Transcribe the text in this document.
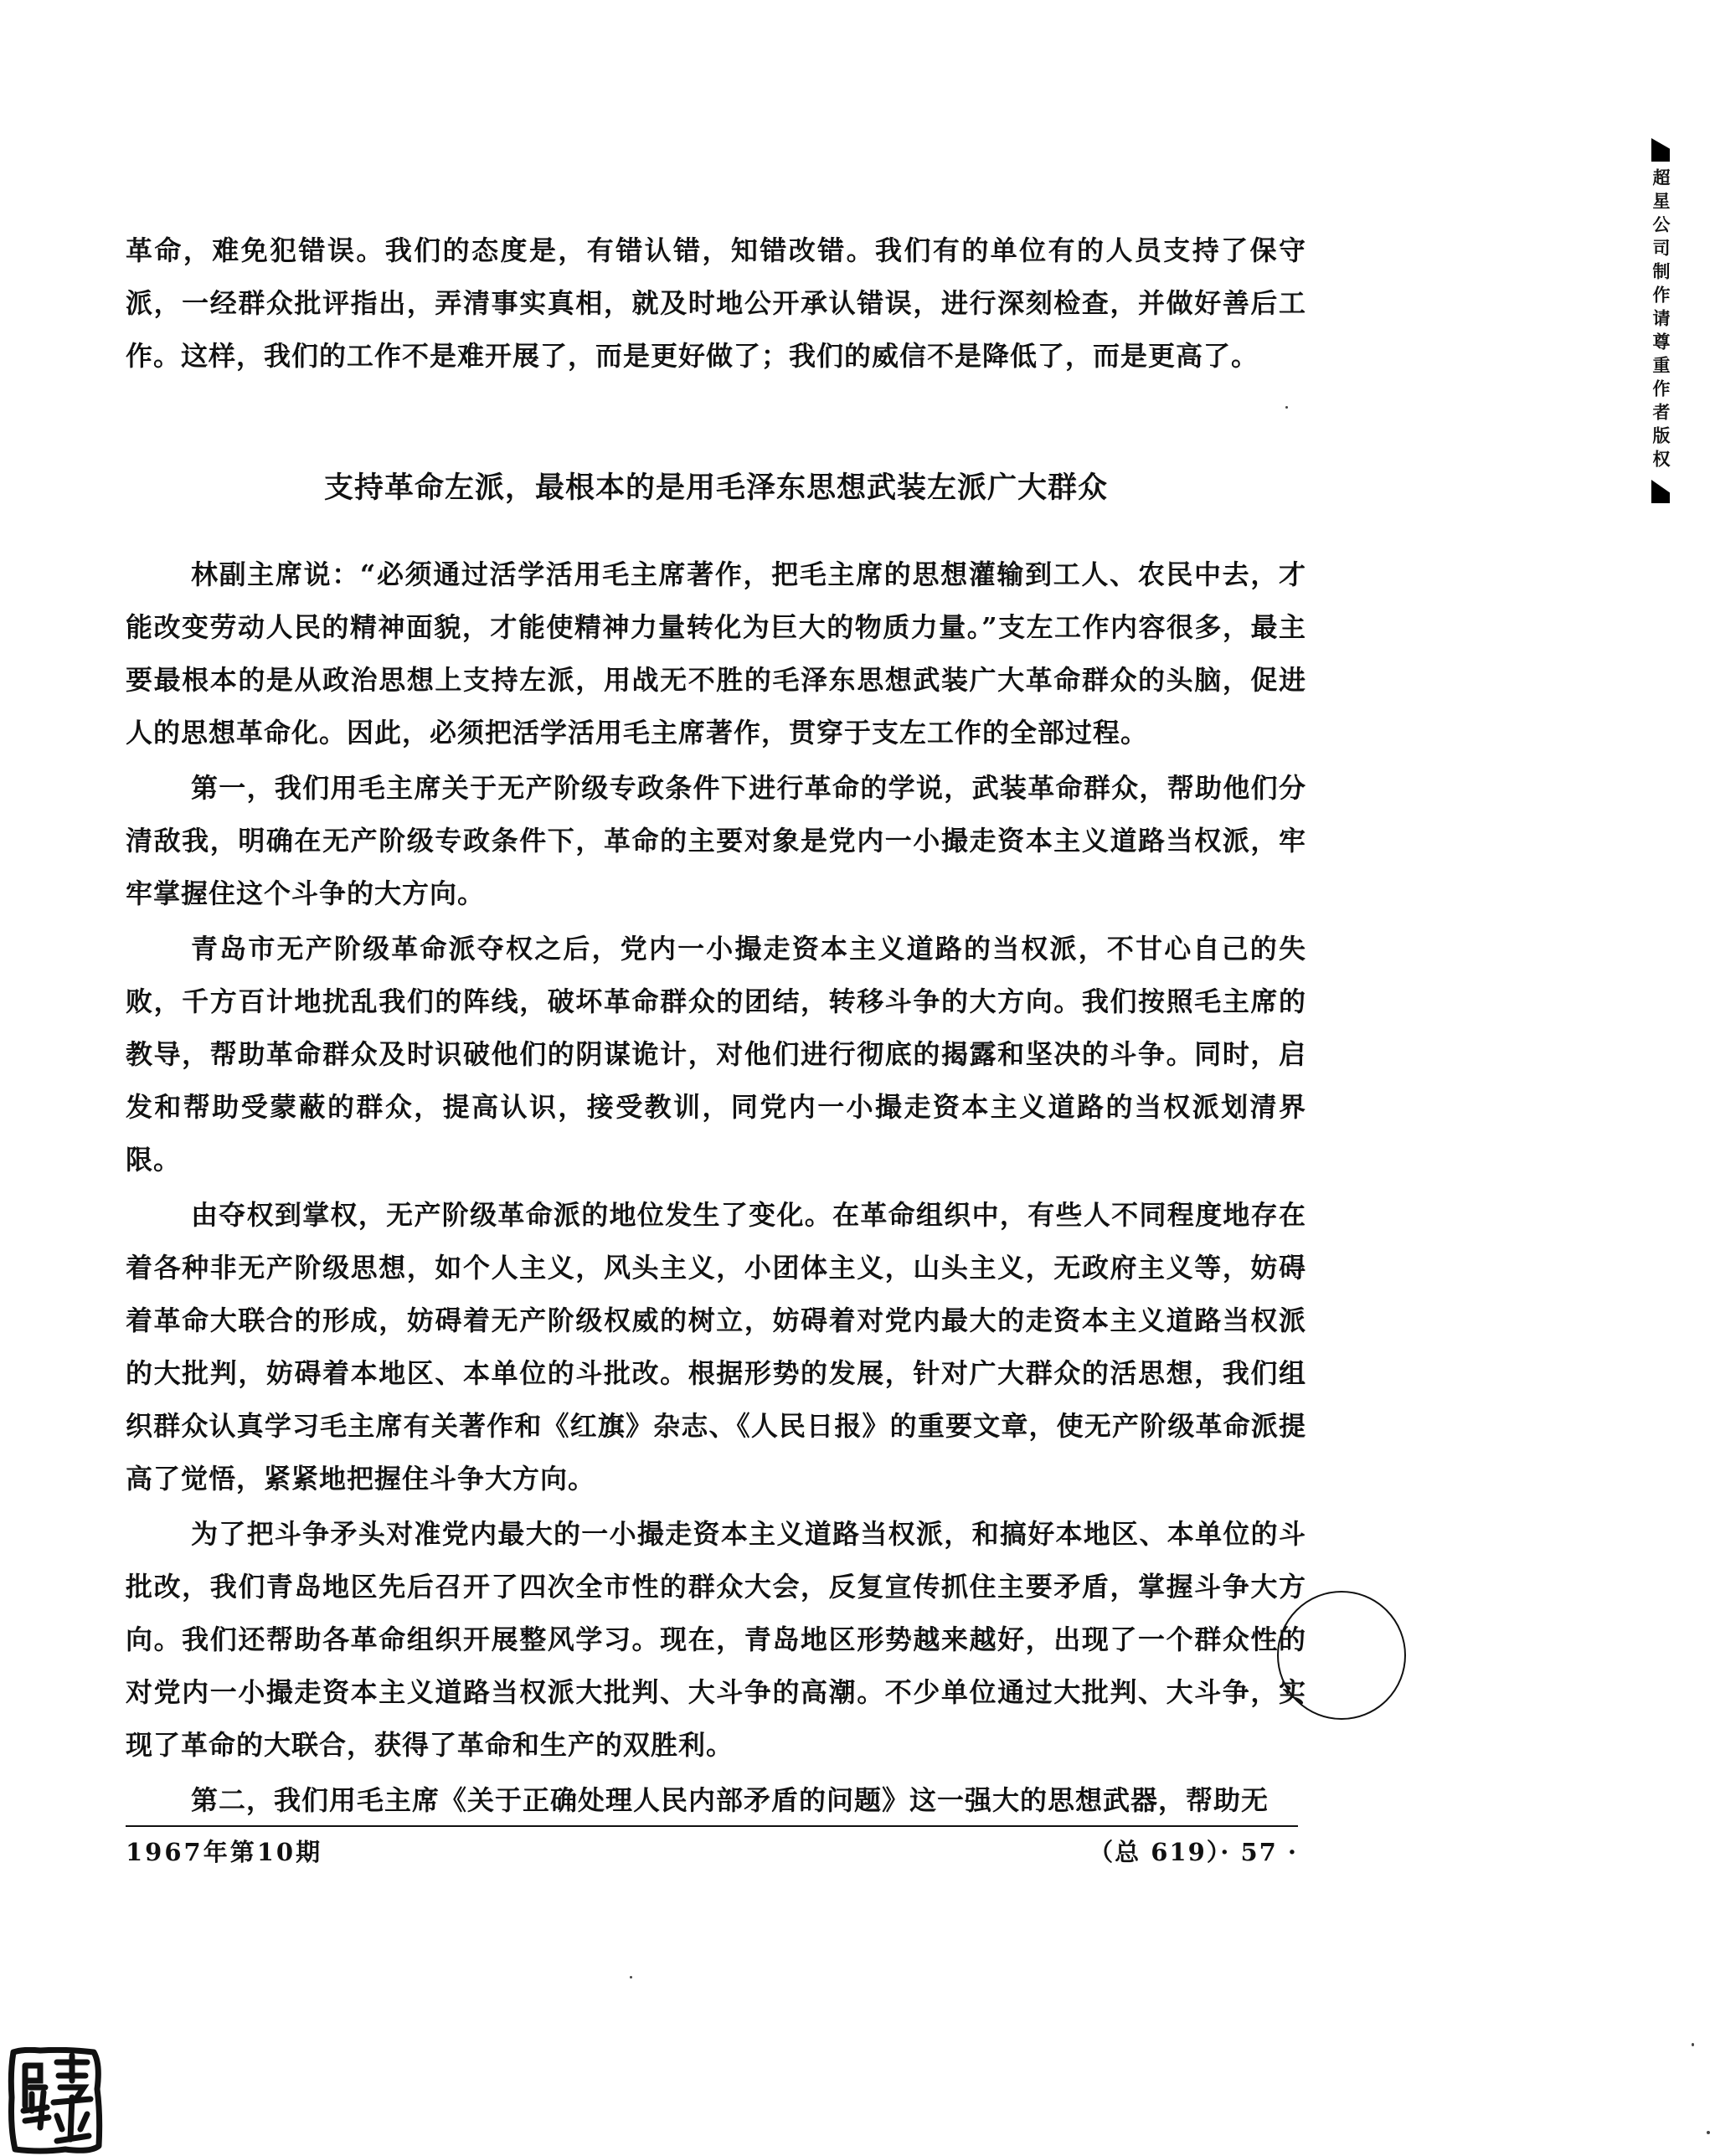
革命，难免犯错误。我们的态度是，有错认错，知错改错。我们有的单位有的人员支持了保守派，一经群众批评指出，弄清事实真相，就及时地公开承认错误，进行深刻检查，并做好善后工作。这样，我们的工作不是难开展了，而是更好做了；我们的威信不是降低了，而是更高了。

支持革命左派，最根本的是用毛泽东思想武装左派广大群众

林副主席说：“必须通过活学活用毛主席著作，把毛主席的思想灌输到工人、农民中去，才能改变劳动人民的精神面貌，才能使精神力量转化为巨大的物质力量。”支左工作内容很多，最主要最根本的是从政治思想上支持左派，用战无不胜的毛泽东思想武装广大革命群众的头脑，促进人的思想革命化。因此，必须把活学活用毛主席著作，贯穿于支左工作的全部过程。

第一，我们用毛主席关于无产阶级专政条件下进行革命的学说，武装革命群众，帮助他们分清敌我，明确在无产阶级专政条件下，革命的主要对象是党内一小撮走资本主义道路当权派，牢牢掌握住这个斗争的大方向。

青岛市无产阶级革命派夺权之后，党内一小撮走资本主义道路的当权派，不甘心自己的失败，千方百计地扰乱我们的阵线，破坏革命群众的团结，转移斗争的大方向。我们按照毛主席的教导，帮助革命群众及时识破他们的阴谋诡计，对他们进行彻底的揭露和坚决的斗争。同时，启发和帮助受蒙蔽的群众，提高认识，接受教训，同党内一小撮走资本主义道路的当权派划清界限。

由夺权到掌权，无产阶级革命派的地位发生了变化。在革命组织中，有些人不同程度地存在着各种非无产阶级思想，如个人主义，风头主义，小团体主义，山头主义，无政府主义等，妨碍着革命大联合的形成，妨碍着无产阶级权威的树立，妨碍着对党内最大的走资本主义道路当权派的大批判，妨碍着本地区、本单位的斗批改。根据形势的发展，针对广大群众的活思想，我们组织群众认真学习毛主席有关著作和《红旗》杂志、《人民日报》的重要文章，使无产阶级革命派提高了觉悟，紧紧地把握住斗争大方向。

为了把斗争矛头对准党内最大的一小撮走资本主义道路当权派，和搞好本地区、本单位的斗批改，我们青岛地区先后召开了四次全市性的群众大会，反复宣传抓住主要矛盾，掌握斗争大方向。我们还帮助各革命组织开展整风学习。现在，青岛地区形势越来越好，出现了一个群众性的对党内一小撮走资本主义道路当权派大批判、大斗争的高潮。不少单位通过大批判、大斗争，实现了革命的大联合，获得了革命和生产的双胜利。

第二，我们用毛主席《关于正确处理人民内部矛盾的问题》这一强大的思想武器，帮助无

1967年第10期	（总 619）· 57 ·
超星公司制作请尊重作者版权
